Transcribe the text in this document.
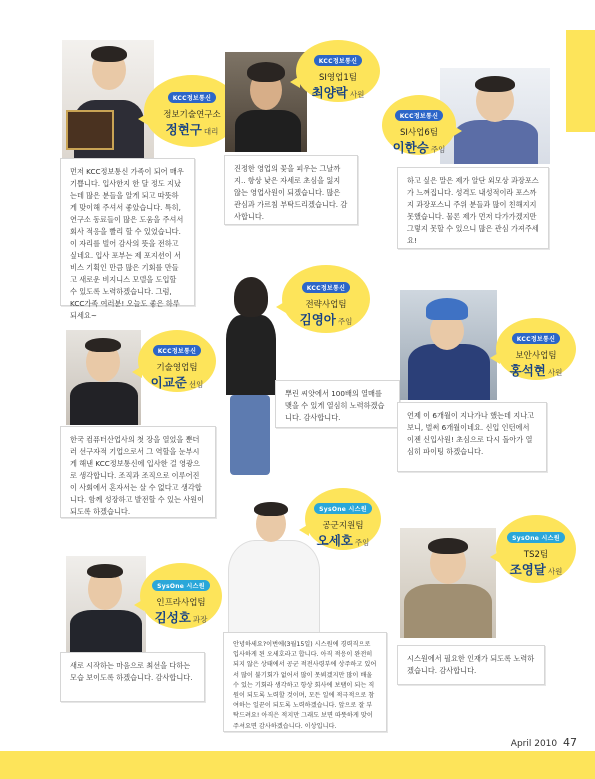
April 2010 47
KCC정보통신
정보기술연구소
정현구 대리
먼저 KCC정보통신 가족이 되어 매우 기쁩니다. 입사한지 한 달 정도 지났는데 많은 분들을 알게 되고 따뜻하게 맞이해 주셔서 좋았습니다. 특히, 연구소 동료들이 많은 도움을 주셔서회사 적응을 빨리 할 수 있었습니다. 이 자리를 빌어 감사의 뜻을 전하고 싶네요. 입사 포부는 제 포지션이 서비스 기획인 만큼 많은 기회를 만들고 새로운 비지니스 모델을 도입할 수 있도록 노력하겠습니다. 그럼, KCC가족 여러분! 오늘도 좋은 하루되세요~
KCC정보통신
SI영업1팀
최양락 사원
진정한 영업의 꽃을 피우는 그날까지.. 항상 낮은 자세로 초심을 잃지 않는 영업사원이 되겠습니다. 많은 관심과 가르침 부탁드리겠습니다. 감사합니다.
KCC정보통신
SI사업6팀
이한승 주임
하고 싶은 말은 제가 알단 외모상 과장포스가 느껴집니다. 성격도 내성적이라 포스까지 과장포스니 주위 분들과 많이 친해지지 못했습니다. 물론 제가 먼저 다가가겠지만 그렇지 못할 수 있으니 많은 관심 가져주세요!
KCC정보통신
전략사업팀
김영아 주임
뿌린 씨앗에서 100배의 열매를 맺을 수 있게 열심히 노력하겠습니다. 감사합니다.
KCC정보통신
보안사업팀
홍석현 사원
언제 이 6개월이 지나가나 했는데 지나고 보니, 벌써 6개월이네요. 신입 인턴에서 이젠 신입사원! 초심으로 다시 돌아가 열심히 파이팅 하겠습니다.
KCC정보통신
기술영업팀
이교준 선임
한국 컴퓨터산업사의 첫 장을 열었을 뿐더러 선구자적 기업으로서 그 역할을 눈부시게 해낸 KCC정보통신에 입사한 걸 영광으로 생각합니다. 조직과 조직으로 이루어진 이 사회에서 혼자서는 살 수 없다고 생각합니다. 함께 성장하고 발전할 수 있는 사원이 되도록 하겠습니다.	SysOne 시스원
공군지원팀
오세호 주임
안녕하세요?이번에(3월15일) 시스원에 경력직으로 입사하게 된 오세호라고 합니다. 아직 적응이 완전히 되지 않은 상태에서 공군 적전사령부에 상주하고 있어서 많이 불기회가 없어서 많이 못뵈겠지만 많이 배울 수 있는 기회라 생각하고 항상 회사에 보탬이 되는 직원이 되도록 노력할 것이며, 모든 일에 적극적으로 참여하는 일꾼이 되도록 노력하겠습니다. 앞으로 잘 부탁드려요! 아직은 적지만 그래도 보면 따뜻하게 맞이주셔요면 감사하겠습니다. 이상입니다.
SysOne 시스원
TS2팀
조영달 사원
시스원에서 필요한 인재가 되도록 노력하겠습니다. 감사합니다.
SysOne 시스원
인프라사업팀
김성호 과장
새로 시작하는 마음으로 최선을 다하는 모습 보이도록 하겠습니다. 감사합니다.
